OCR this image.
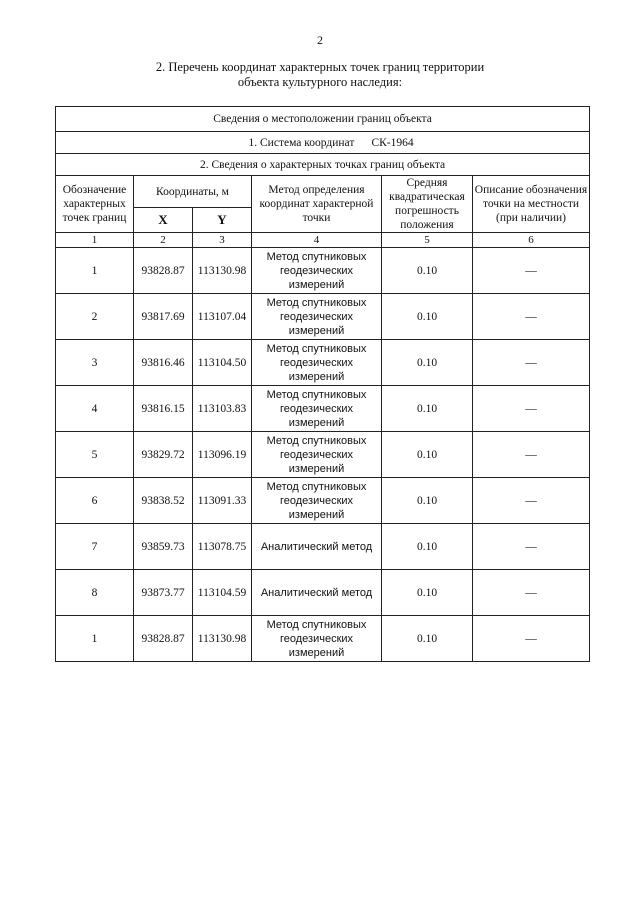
2
2. Перечень координат характерных точек границ территории
объекта культурного наследия:
Сведения о местоположении границ объекта					
1. Система координат СК-1964					
2. Сведения о характерных точках границ объекта					
Обозначение характерных точек границ	Координаты, м		Метод определения координат характерной точки	Средняя квадратическая погрешность положения	Описание обозначения точки на местности (при наличии)
	X	Y			
1	2	3	4	5	6
1	93828.87	113130.98	Метод спутниковых геодезических измерений	0.10	—
2	93817.69	113107.04	Метод спутниковых геодезических измерений	0.10	—
3	93816.46	113104.50	Метод спутниковых геодезических измерений	0.10	—
4	93816.15	113103.83	Метод спутниковых геодезических измерений	0.10	—
5	93829.72	113096.19	Метод спутниковых геодезических измерений	0.10	—
6	93838.52	113091.33	Метод спутниковых геодезических измерений	0.10	—
7	93859.73	113078.75	Аналитический метод	0.10	—
8	93873.77	113104.59	Аналитический метод	0.10	—
1	93828.87	113130.98	Метод спутниковых геодезических измерений	0.10	—
